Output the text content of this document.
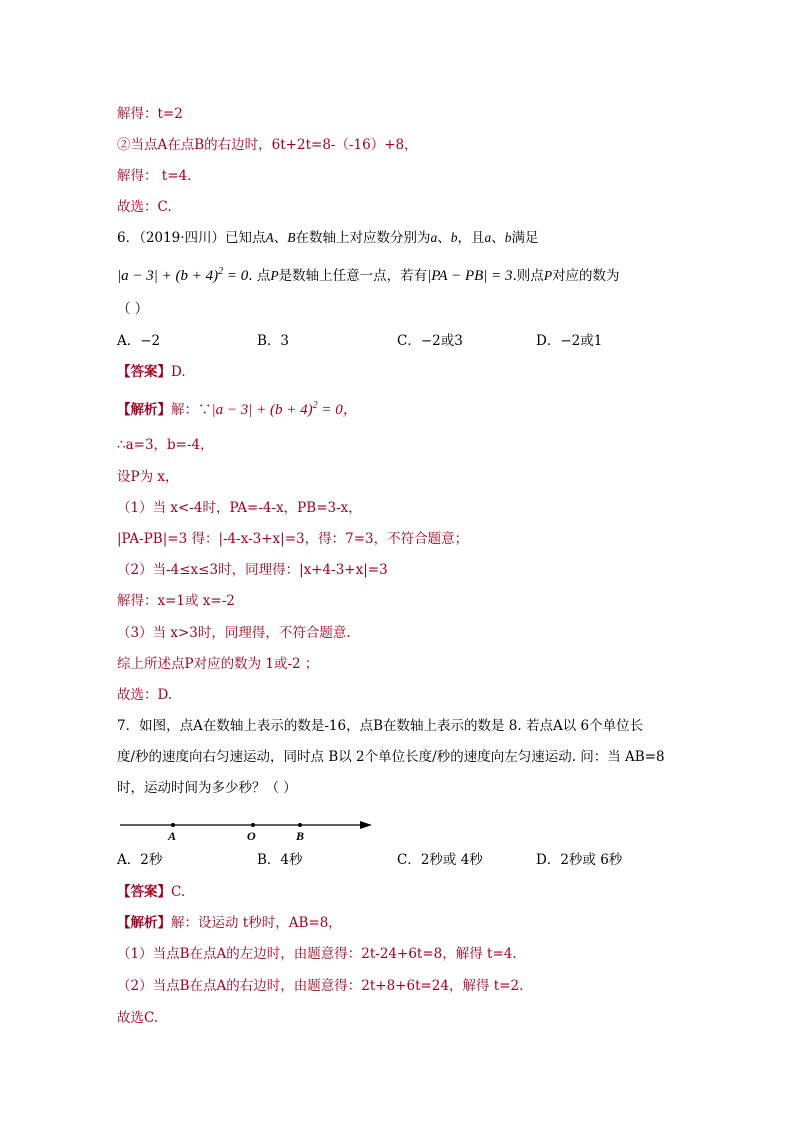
解得：t=2
②当点A在点B的右边时，6t+2t=8-（-16）+8，
解得： t=4.
故选：C.
6．（2019·四川）已知点A、B在数轴上对应数分别为a、b，且a、b满足
$|a - 3| + (b + 4)^2 = 0$. 点P是数轴上任意一点，若有|PA − PB| = 3.则点P对应的数为
（ ）
A．−2	B．3	C．−2或3	D．−2或1
【答案】D.
【解析】解：∵|a − $3| + (b + 4)^2 = 0$，
∴a=3，b=-4，
设P为 x，
（1）当 x<-4时，PA=-4-x，PB=3-x，
|PA-PB|=3 得：|-4-x-3+x|=3，得：7=3，不符合题意；
（2）当-4≤x≤3时，同理得：|x+4-3+x|=3
解得：x=1或 x=-2
（3）当 x>3时，同理得，不符合题意.
综上所述点P对应的数为 1或-2 ；
故选：D.
7．如图，点A在数轴上表示的数是-16，点B在数轴上表示的数是 8. 若点A以 6个单位长
度/秒的速度向右匀速运动，同时点 B以 2个单位长度/秒的速度向左匀速运动. 问：当 AB=8
时，运动时间为多少秒？（ ）
A	O	B
A．2秒	B．4秒	C．2秒或 4秒	D．2秒或 6秒
【答案】C.
【解析】解：设运动 t秒时，AB=8，
（1）当点B在点A的左边时，由题意得：2t-24+6t=8，解得 t=4.
（2）当点B在点A的右边时，由题意得：2t+8+6t=24，解得 t=2.
故选C.
